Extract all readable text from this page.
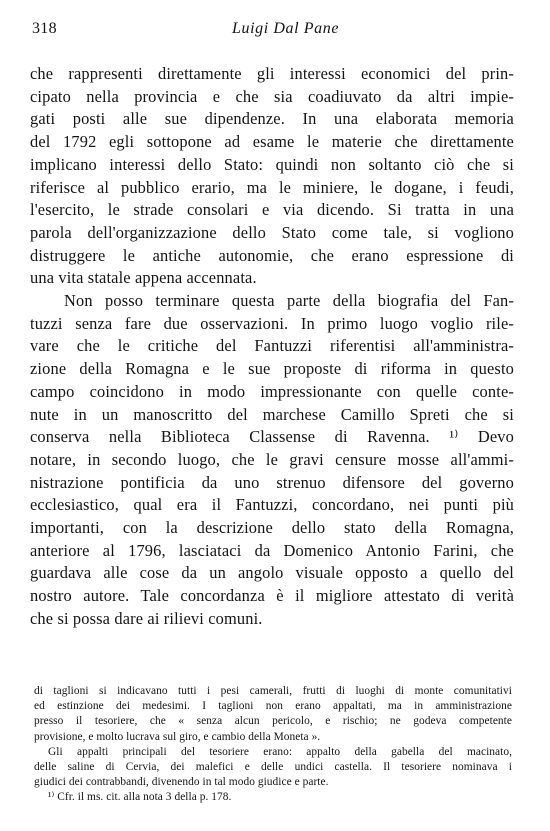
318	Luigi Dal Pane
che rappresenti direttamente gli interessi economici del prin-
cipato nella provincia e che sia coadiuvato da altri impie-
gati posti alle sue dipendenze. In una elaborata memoria
del 1792 egli sottopone ad esame le materie che direttamente
implicano interessi dello Stato: quindi non soltanto ciò che si
riferisce al pubblico erario, ma le miniere, le dogane, i feudi,
l'esercito, le strade consolari e via dicendo. Si tratta in una
parola dell'organizzazione dello Stato come tale, si vogliono
distruggere le antiche autonomie, che erano espressione di
una vita statale appena accennata.
Non posso terminare questa parte della biografia del Fan-
tuzzi senza fare due osservazioni. In primo luogo voglio rile-
vare che le critiche del Fantuzzi riferentisi all'amministra-
zione della Romagna e le sue proposte di riforma in questo
campo coincidono in modo impressionante con quelle conte-
nute in un manoscritto del marchese Camillo Spreti che si
conserva nella Biblioteca Classense di Ravenna. ¹⁾ Devo
notare, in secondo luogo, che le gravi censure mosse all'ammi-
nistrazione pontificia da uno strenuo difensore del governo
ecclesiastico, qual era il Fantuzzi, concordano, nei punti più
importanti, con la descrizione dello stato della Romagna,
anteriore al 1796, lasciataci da Domenico Antonio Farini, che
guardava alle cose da un angolo visuale opposto a quello del
nostro autore. Tale concordanza è il migliore attestato di verità
che si possa dare ai rilievi comuni.
di taglioni si indicavano tutti i pesi camerali, frutti di luoghi di monte comunitativi
ed estinzione dei medesimi. I taglioni non erano appaltati, ma in amministrazione
presso il tesoriere, che « senza alcun pericolo, e rischio; ne godeva competente
provisione, e molto lucrava sul giro, e cambio della Moneta ».
Gli appalti principali del tesoriere erano: appalto della gabella del macinato,
delle saline di Cervia, dei malefici e delle undici castella. Il tesoriere nominava i
giudici dei contrabbandi, divenendo in tal modo giudice e parte.
¹⁾ Cfr. il ms. cit. alla nota 3 della p. 178.
